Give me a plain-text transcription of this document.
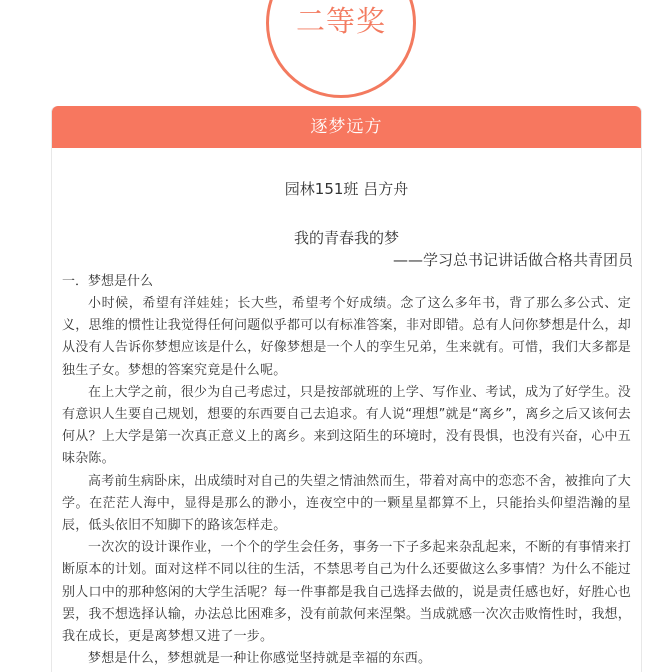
二等奖
逐梦远方
园林151班 吕方舟
我的青春我的梦
——学习总书记讲话做合格共青团员
一．梦想是什么

小时候，希望有洋娃娃；长大些，希望考个好成绩。念了这么多年书，背了那么多公式、定义，思维的惯性让我觉得任何问题似乎都可以有标准答案，非对即错。总有人问你梦想是什么，却从没有人告诉你梦想应该是什么，好像梦想是一个人的孪生兄弟，生来就有。可惜，我们大多都是独生子女。梦想的答案究竟是什么呢。

在上大学之前，很少为自己考虑过，只是按部就班的上学、写作业、考试，成为了好学生。没有意识人生要自己规划，想要的东西要自己去追求。有人说“理想”就是“离乡”，离乡之后又该何去何从？上大学是第一次真正意义上的离乡。来到这陌生的环境时，没有畏惧，也没有兴奋，心中五味杂陈。

高考前生病卧床，出成绩时对自己的失望之情油然而生，带着对高中的恋恋不舍，被推向了大学。在茫茫人海中，显得是那么的渺小，连夜空中的一颗星星都算不上，只能抬头仰望浩瀚的星辰，低头依旧不知脚下的路该怎样走。

一次次的设计课作业，一个个的学生会任务，事务一下子多起来杂乱起来，不断的有事情来打断原本的计划。面对这样不同以往的生活，不禁思考自己为什么还要做这么多事情？为什么不能过别人口中的那种悠闲的大学生活呢？每一件事都是我自己选择去做的，说是责任感也好，好胜心也罢，我不想选择认输，办法总比困难多，没有前款何来涅槃。当成就感一次次击败惰性时，我想，我在成长，更是离梦想又进了一步。

梦想是什么，梦想就是一种让你感觉坚持就是幸福的东西。
